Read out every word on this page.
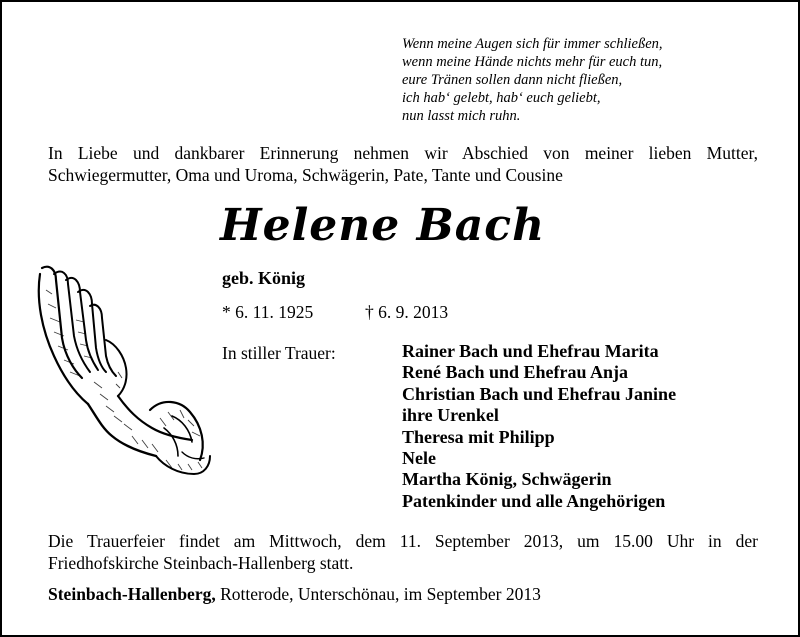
Wenn meine Augen sich für immer schließen,
wenn meine Hände nichts mehr für euch tun,
eure Tränen sollen dann nicht fließen,
ich hab‘ gelebt, hab‘ euch geliebt,
nun lasst mich ruhn.
In Liebe und dankbarer Erinnerung nehmen wir Abschied von meiner lieben Mutter,
Schwiegermutter, Oma und Uroma, Schwägerin, Pate, Tante und Cousine
Helene Bach
geb. König
* 6. 11. 1925	† 6. 9. 2013
In stiller Trauer:	Rainer Bach und Ehefrau Marita
René Bach und Ehefrau Anja
Christian Bach und Ehefrau Janine
ihre Urenkel
Theresa mit Philipp
Nele
Martha König, Schwägerin
Patenkinder und alle Angehörigen
Die Trauerfeier findet am Mittwoch, dem 11. September 2013, um 15.00 Uhr in der
Friedhofskirche Steinbach-Hallenberg statt.
Steinbach-Hallenberg, Rotterode, Unterschönau, im September 2013
